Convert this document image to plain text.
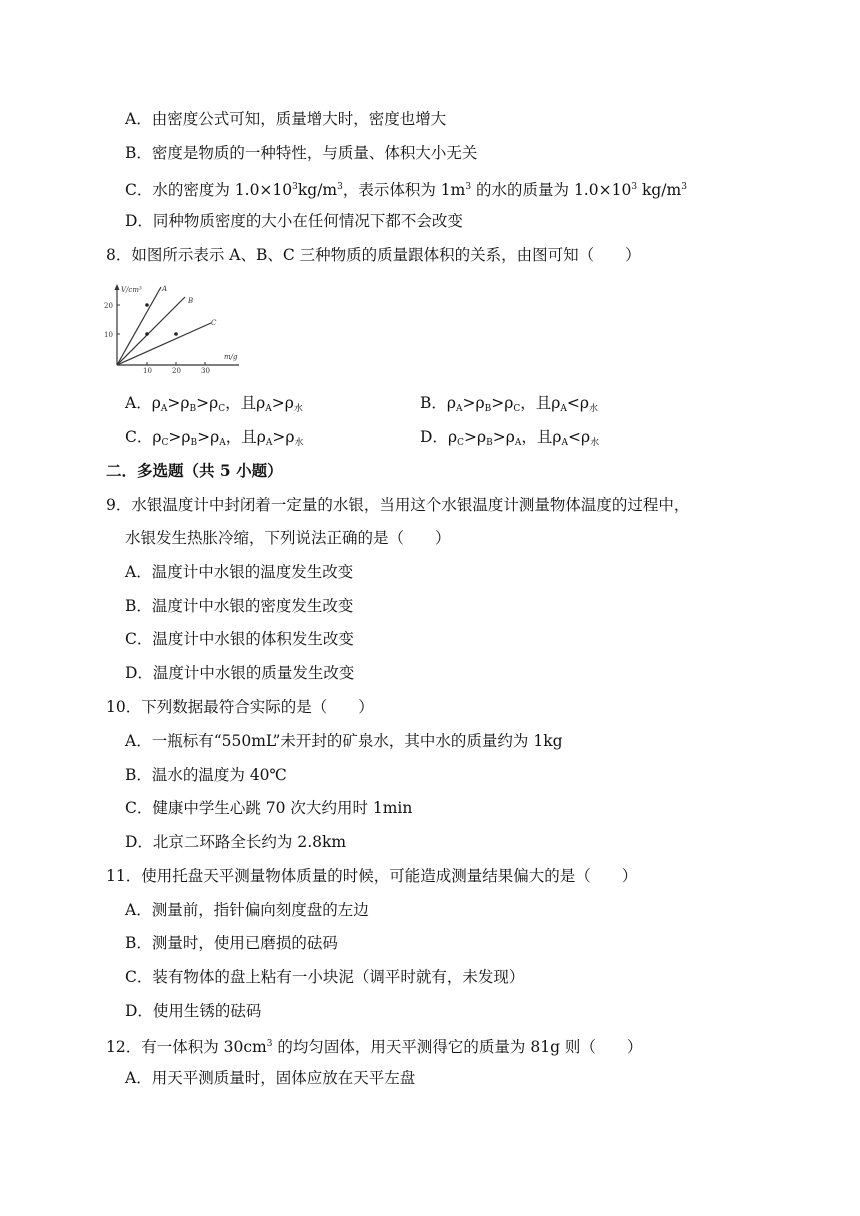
A．由密度公式可知，质量增大时，密度也增大
B．密度是物质的一种特性，与质量、体积大小无关
C．水的密度为 $1.0\times 10^3kg/m^3$，表示体积为 $1m^3$ 的水的质量为 $1.0\times 10^3$ $kg/m^3$
D．同种物质密度的大小在任何情况下都不会改变
8．如图所示表示 A、B、C 三种物质的质量跟体积的关系，由图可知（　　）
V/cm³
20
10
10	20	30
m/g
A
B
C
A．$\rho_A>\rho_B>\rho_C$，且$\rho_A>\rho_水$	B．$\rho_A>\rho_B>\rho_C$，且$\rho_A<\rho_水$
C．$\rho_C>\rho_B>\rho_A$，且$\rho_A>\rho_水$	D．$\rho_C>\rho_B>\rho_A$，且$\rho_A<\rho_水$
二．多选题（共 5 小题）
9．水银温度计中封闭着一定量的水银，当用这个水银温度计测量物体温度的过程中，
水银发生热胀冷缩，下列说法正确的是（　　）
A．温度计中水银的温度发生改变
B．温度计中水银的密度发生改变
C．温度计中水银的体积发生改变
D．温度计中水银的质量发生改变
10．下列数据最符合实际的是（　　）
A．一瓶标有“550mL”未开封的矿泉水，其中水的质量约为 1kg
B．温水的温度为 40℃
C．健康中学生心跳 70 次大约用时 1min
D．北京二环路全长约为 2.8km
11．使用托盘天平测量物体质量的时候，可能造成测量结果偏大的是（　　）
A．测量前，指针偏向刻度盘的左边
B．测量时，使用已磨损的砝码
C．装有物体的盘上粘有一小块泥（调平时就有，未发现）
D．使用生锈的砝码
12．有一体积为 $30cm^3$ 的均匀固体，用天平测得它的质量为 81g 则（　　）
A．用天平测质量时，固体应放在天平左盘
